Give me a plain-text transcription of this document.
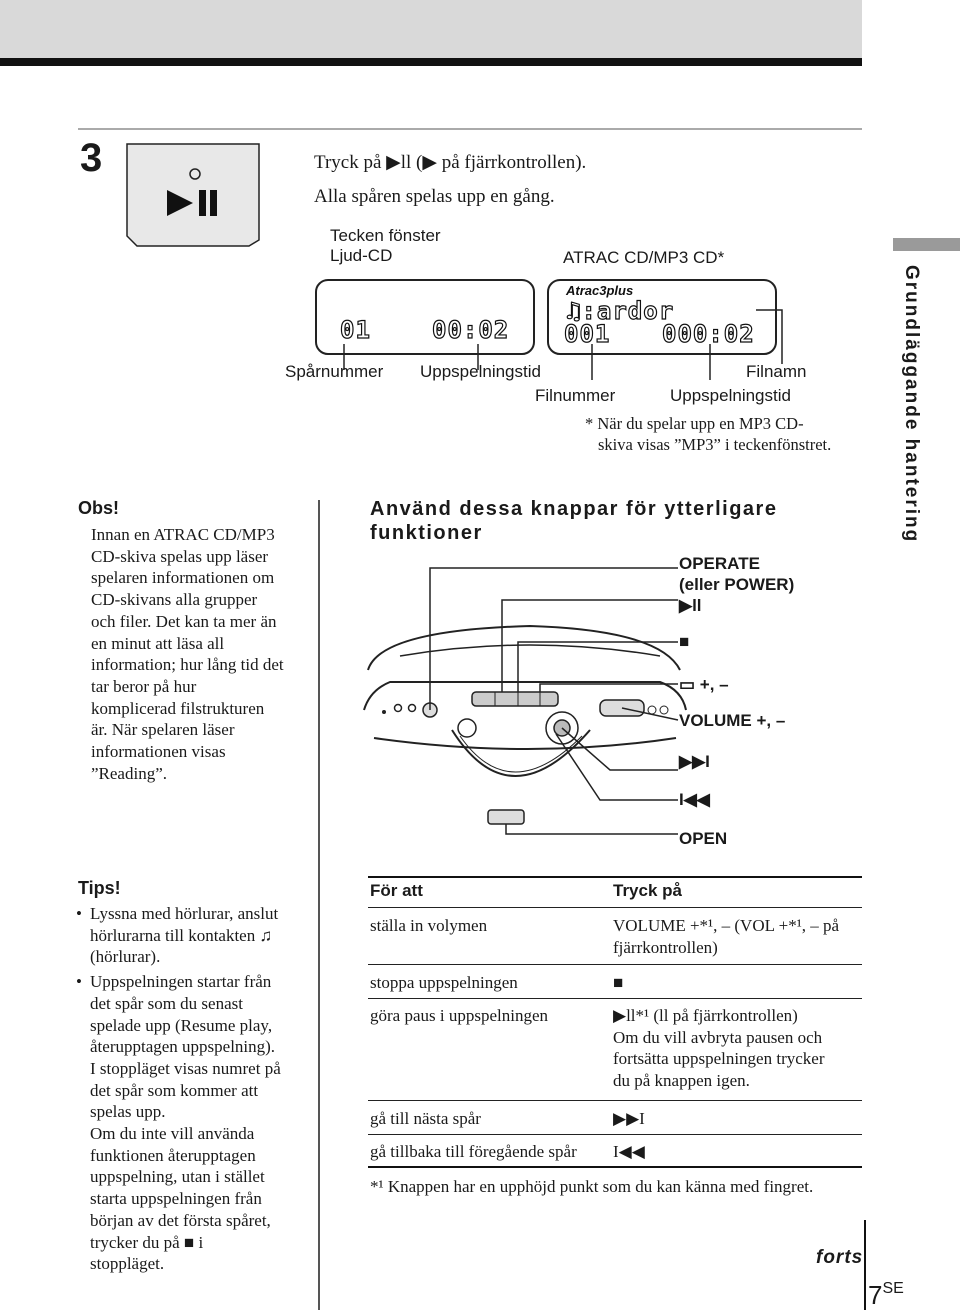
3	Tryck på ▶ll (▶ på fjärrkontrollen).
Alla spåren spelas upp en gång.
Grundläggande hantering
Tecken fönster
Ljud-CD	ATRAC CD/MP3 CD*
01	00:02
Atrac3plus
♫:ardor
001 000:02
Spårnummer Uppspelningstid	Filnamn
Filnummer	Uppspelningstid
* När du spelar upp en MP3 CD-
skiva visas ”MP3” i teckenfönstret.
Obs!
Innan en ATRAC CD/MP3
CD-skiva spelas upp läser
spelaren informationen om
CD-skivans alla grupper
och filer. Det kan ta mer än
en minut att läsa all
information; hur lång tid det
tar beror på hur
komplicerad filstrukturen
är. När spelaren läser
informationen visas
”Reading”.
Använd dessa knappar för ytterligare
funktioner
OPERATE
(eller POWER)
▶ll
■
▭ +, –
VOLUME +, –
▶▶I
I◀◀
OPEN
Tips!
• Lyssna med hörlurar, anslut
hörlurarna till kontakten ♫
(hörlurar).
• Uppspelningen startar från
det spår som du senast
spelade upp (Resume play,
återupptagen uppspelning).
I stoppläget visas numret på
det spår som kommer att
spelas upp.
Om du inte vill använda
funktionen återupptagen
uppspelning, utan i stället
starta uppspelningen från
början av det första spåret,
trycker du på ■ i
stoppläget.
För att	Tryck på
ställa in volymen	VOLUME +*¹, – (VOL +*¹, – på
fjärrkontrollen)
stoppa uppspelningen	■
göra paus i uppspelningen	▶ll*¹ (ll på fjärrkontrollen)
Om du vill avbryta pausen och
fortsätta uppspelningen trycker
du på knappen igen.
gå till nästa spår	▶▶I
gå tillbaka till föregående spår I◀◀
*¹ Knappen har en upphöjd punkt som du kan känna med fingret.
forts
$7^{SE}$
